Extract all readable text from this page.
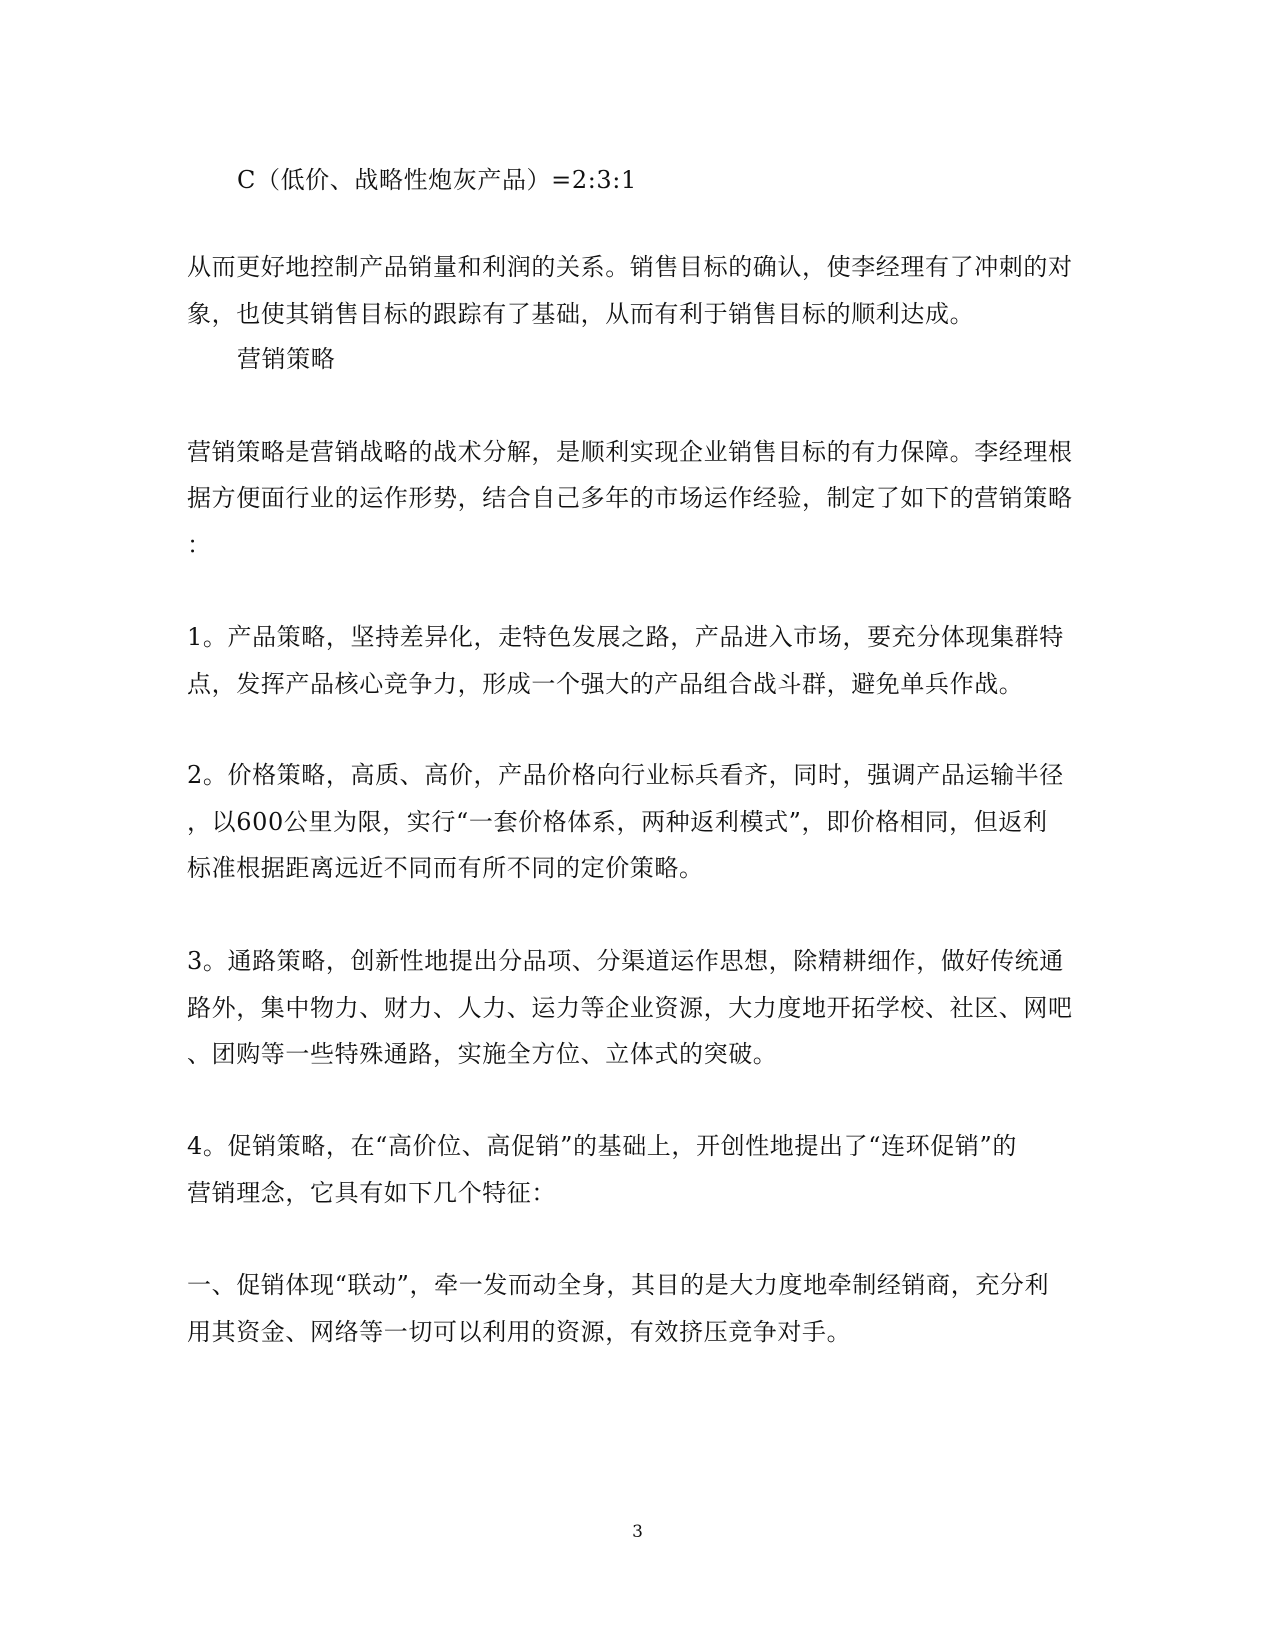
C（低价、战略性炮灰产品）=2:3:1
从而更好地控制产品销量和利润的关系。销售目标的确认，使李经理有了冲刺的对
象，也使其销售目标的跟踪有了基础，从而有利于销售目标的顺利达成。
营销策略
营销策略是营销战略的战术分解，是顺利实现企业销售目标的有力保障。李经理根
据方便面行业的运作形势，结合自己多年的市场运作经验，制定了如下的营销策略
：
1。产品策略，坚持差异化，走特色发展之路，产品进入市场，要充分体现集群特
点，发挥产品核心竞争力，形成一个强大的产品组合战斗群，避免单兵作战。
2。价格策略，高质、高价，产品价格向行业标兵看齐，同时，强调产品运输半径
，以600公里为限，实行“一套价格体系，两种返利模式”，即价格相同，但返利
标准根据距离远近不同而有所不同的定价策略。
3。通路策略，创新性地提出分品项、分渠道运作思想，除精耕细作，做好传统通
路外，集中物力、财力、人力、运力等企业资源，大力度地开拓学校、社区、网吧
、团购等一些特殊通路，实施全方位、立体式的突破。
4。促销策略，在“高价位、高促销”的基础上，开创性地提出了“连环促销”的
营销理念，它具有如下几个特征：
一、促销体现“联动”，牵一发而动全身，其目的是大力度地牵制经销商，充分利
用其资金、网络等一切可以利用的资源，有效挤压竞争对手。
3
